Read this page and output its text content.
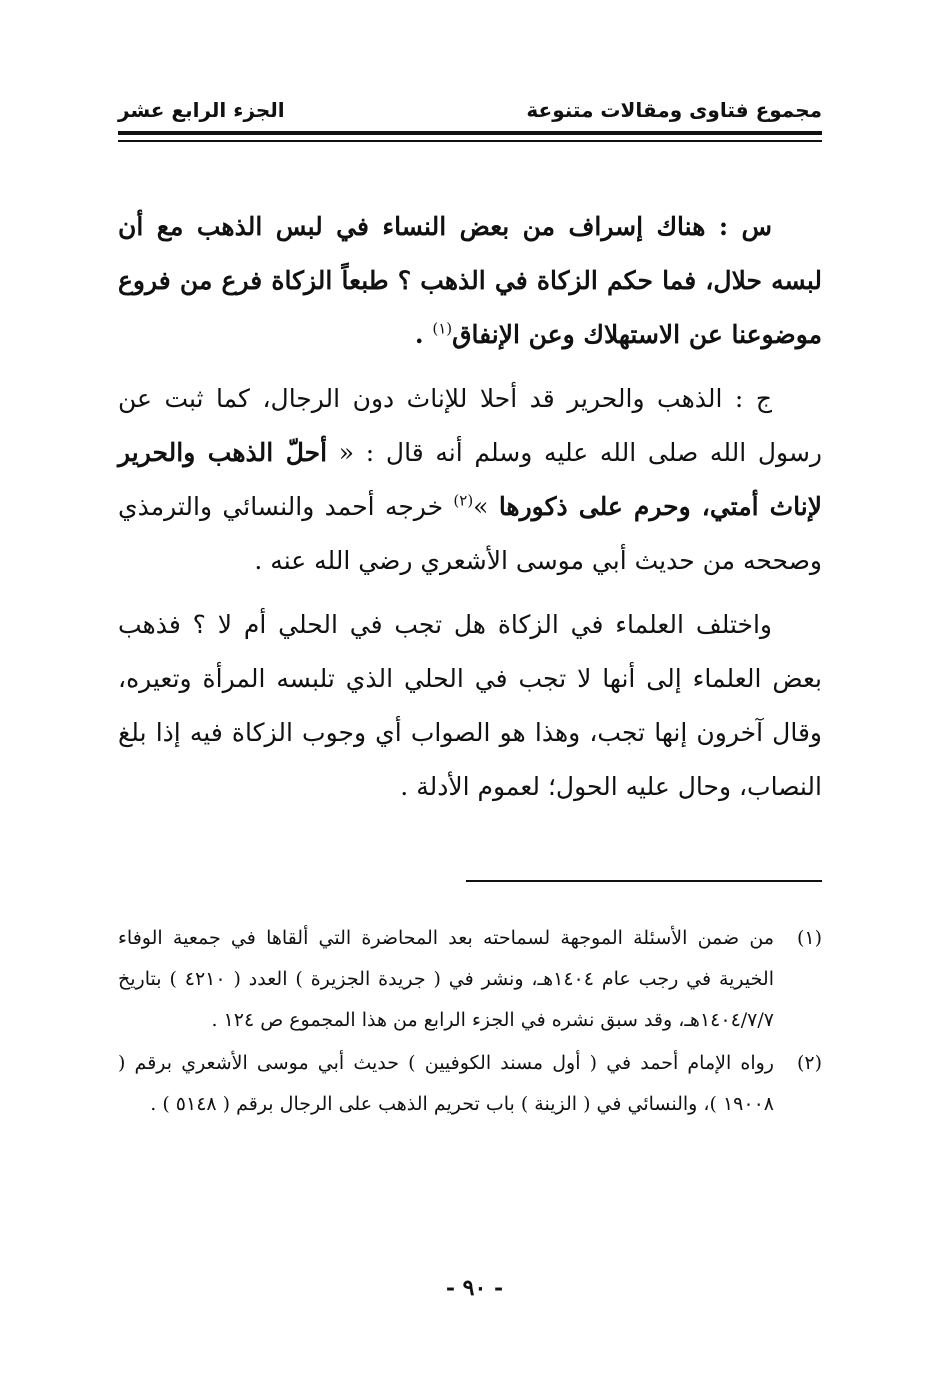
مجموع فتاوى ومقالات متنوعة
الجزء الرابع عشر

س : هناك إسراف من بعض النساء في لبس الذهب مع أن لبسه حلال، فما حكم الزكاة في الذهب ؟ طبعاً الزكاة فرع من فروع موضوعنا عن الاستهلاك وعن الإنفاق$^{(١)}$ .

ج : الذهب والحرير قد أحلا للإناث دون الرجال، كما ثبت عن رسول الله صلى الله عليه وسلم أنه قال : « أحلّ الذهب والحرير لإناث أمتي، وحرم على ذكورها »$^{(٢)}$ خرجه أحمد والنسائي والترمذي وصححه من حديث أبي موسى الأشعري رضي الله عنه .

واختلف العلماء في الزكاة هل تجب في الحلي أم لا ؟ فذهب بعض العلماء إلى أنها لا تجب في الحلي الذي تلبسه المرأة وتعيره، وقال آخرون إنها تجب، وهذا هو الصواب أي وجوب الزكاة فيه إذا بلغ النصاب، وحال عليه الحول؛ لعموم الأدلة .

(١)
من ضمن الأسئلة الموجهة لسماحته بعد المحاضرة التي ألقاها في جمعية الوفاء الخيرية في رجب عام ١٤٠٤هـ، ونشر في ( جريدة الجزيرة ) العدد ( ٤٢١٠ ) بتاريخ ١٤٠٤/٧/٧هـ، وقد سبق نشره في الجزء الرابع من هذا المجموع ص ١٢٤ .
(٢)
رواه الإمام أحمد في ( أول مسند الكوفيين ) حديث أبي موسى الأشعري برقم ( ١٩٠٠٨ )، والنسائي في ( الزينة ) باب تحريم الذهب على الرجال برقم ( ٥١٤٨ ) .
- ٩٠ -
